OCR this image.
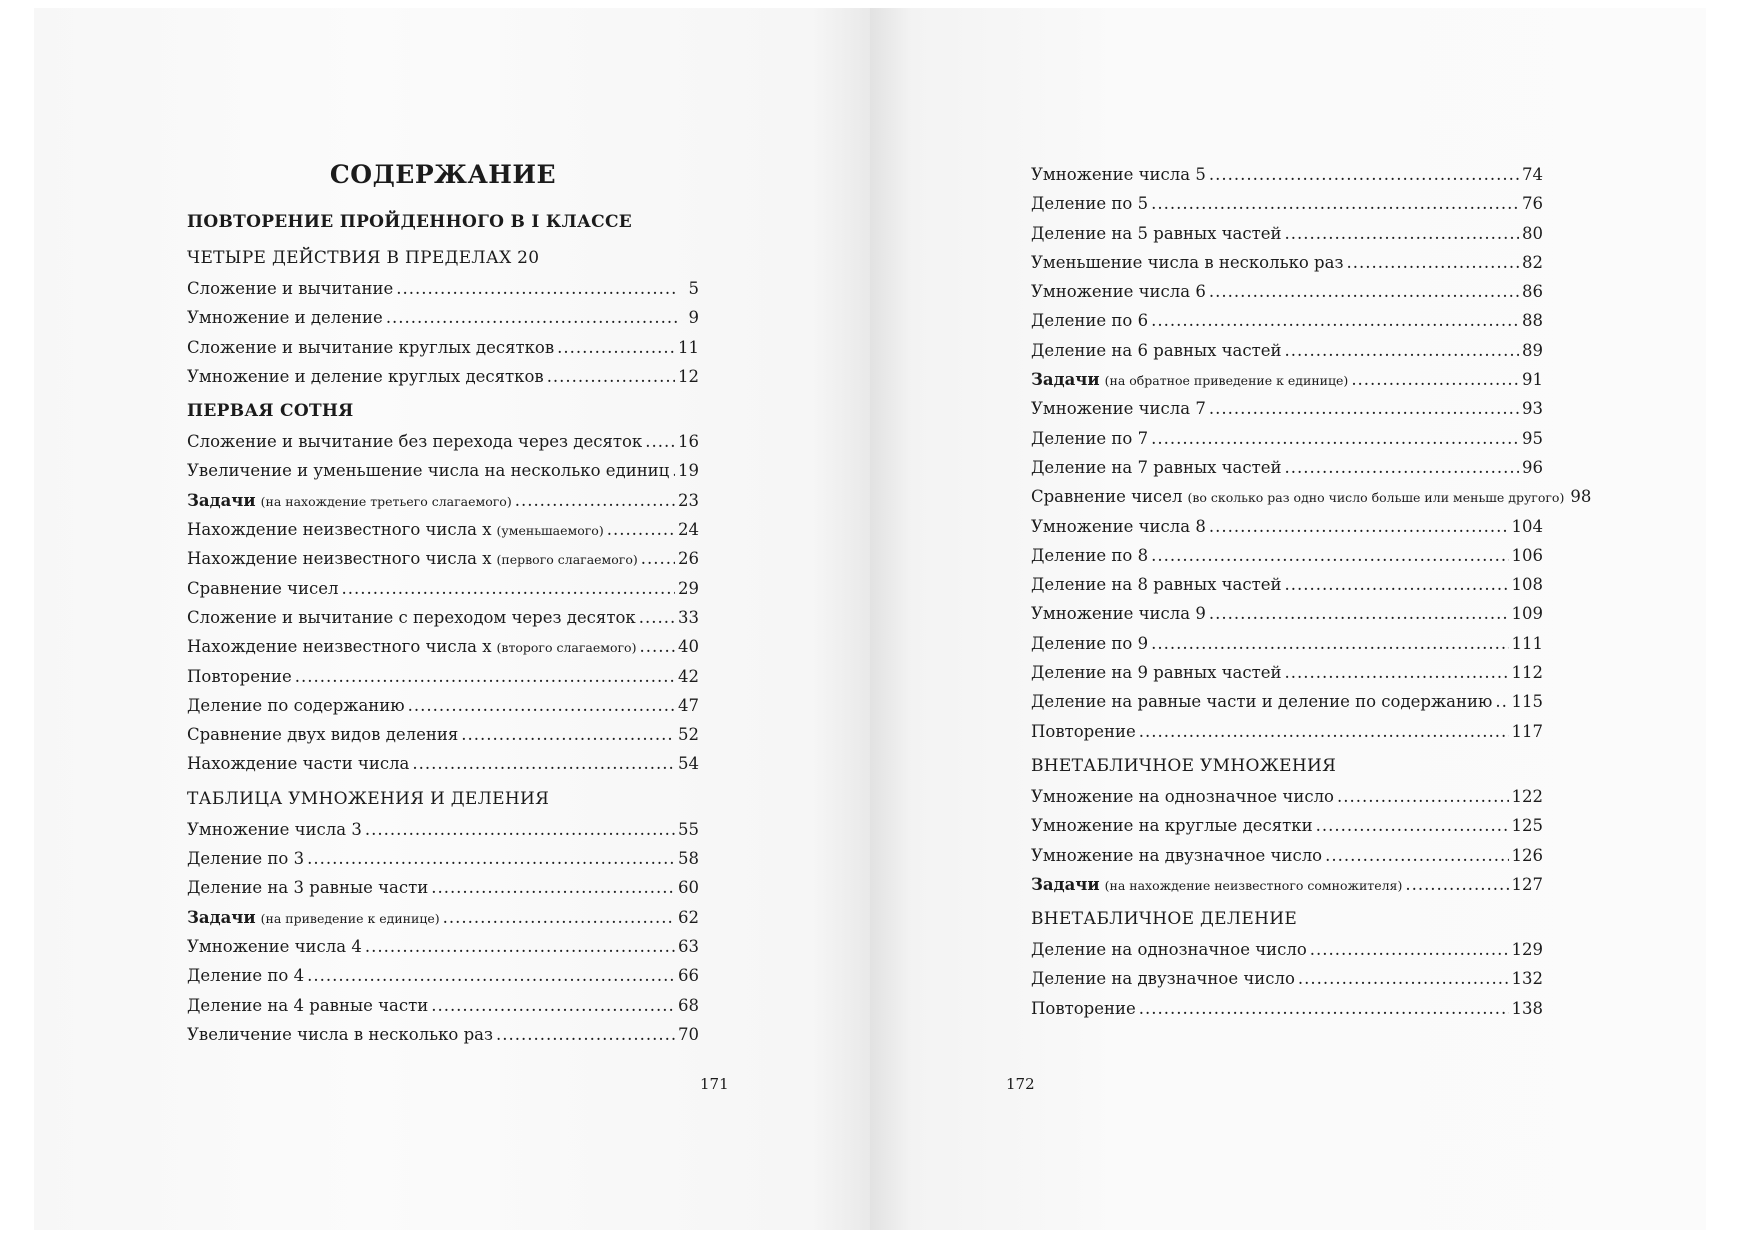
СОДЕРЖАНИЕ
ПОВТОРЕНИЕ ПРОЙДЕННОГО В I КЛАССЕ
ЧЕТЫРЕ ДЕЙСТВИЯ В ПРЕДЕЛАХ 20
Сложение и вычитание .....	5
Умножение и деление .....	9
Сложение и вычитание круглых десятков .....	11
Умножение и деление круглых десятков .....	12
ПЕРВАЯ СОТНЯ
Сложение и вычитание без перехода через десяток ..... 16
Увеличение и уменьшение числа на несколько единиц ..... 19
Задачи (на нахождение третьего слагаемого) .....	23
Нахождение неизвестного числа х (уменьшаемого) .....	24
Нахождение неизвестного числа х (первого слагаемого) ..... 26
Сравнение чисел .....	29
Сложение и вычитание с переходом через десяток .....	33
Нахождение неизвестного числа х (второго слагаемого) .....	40
Повторение .....	42
Деление по содержанию .....	47
Сравнение двух видов деления .....	52
Нахождение части числа .....	54
ТАБЛИЦА УМНОЖЕНИЯ И ДЕЛЕНИЯ
Умножение числа 3 .....	55
Деление по 3 .....	58
Деление на 3 равные части .....	60
Задачи (на приведение к единице) .....	62
Умножение числа 4 .....	63
Деление по 4 .....	66
Деление на 4 равные части .....	68
Увеличение числа в несколько раз .....	70
Умножение числа 5 .....	74
Деление по 5 .....	76
Деление на 5 равных частей .....	80
Уменьшение числа в несколько раз .....	82
Умножение числа 6 .....	86
Деление по 6 .....	88
Деление на 6 равных частей .....	89
Задачи (на обратное приведение к единице) .....	91
Умножение числа 7 .....	93
Деление по 7 .....	95
Деление на 7 равных частей .....	96
Сравнение чисел (во сколько раз одно число больше или меньше другого) 98
Умножение числа 8 .....	104
Деление по 8 .....	106
Деление на 8 равных частей .....	108
Умножение числа 9 .....	109
Деление по 9 .....	111
Деление на 9 равных частей .....	112
Деление на равные части и деление по содержанию ..... 115
Повторение .....	117
ВНЕТАБЛИЧНОЕ УМНОЖЕНИЯ
Умножение на однозначное число .....	122
Умножение на круглые десятки .....	125
Умножение на двузначное число .....	126
Задачи (на нахождение неизвестного сомножителя) .....	127
ВНЕТАБЛИЧНОЕ ДЕЛЕНИЕ
Деление на однозначное число .....	129
Деление на двузначное число .....	132
Повторение .....	138
171	172
